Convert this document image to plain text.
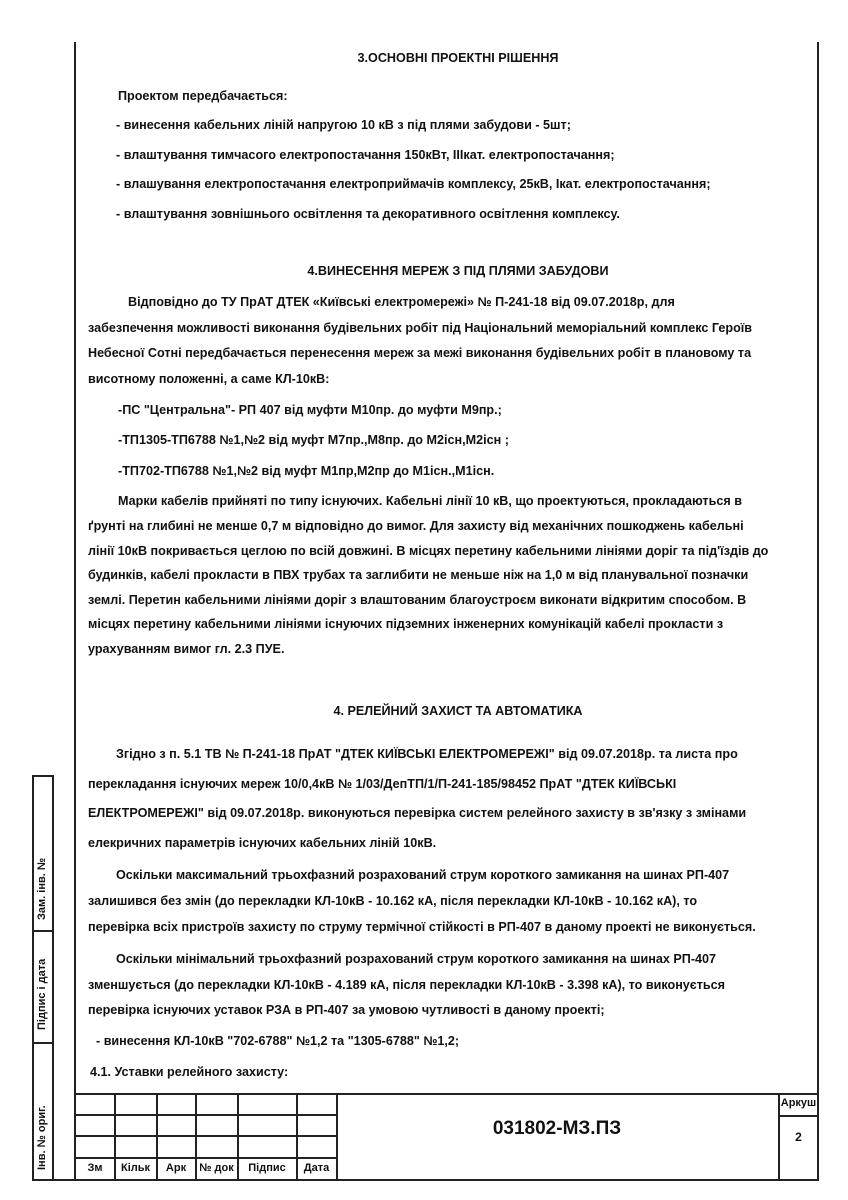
Зам. інв. №
Підпис і дата
Інв. № ориг.

3.ОСНОВНІ ПРОЕКТНІ РІШЕННЯ

Проектом передбачається:

- винесення кабельних ліній напругою 10 кВ з під плями забудови - 5шт;

- влаштування тимчасого електропостачання 150кВт, IIIкат. електропостачання;

- влашування електропостачання електроприймачів комплексу, 25кВ, Iкат. електропостачання;

- влаштування зовнішнього освітлення та декоративного освітлення комплексу.

4.ВИНЕСЕННЯ МЕРЕЖ З ПІД ПЛЯМИ ЗАБУДОВИ

Відповідно до ТУ ПрАТ ДТЕК «Київські електромережі» № П-241-18 від 09.07.2018р, для

забезпечення можливості виконання будівельних робіт під Національний меморіальний комплекс Героїв

Небесної Сотні передбачається перенесення мереж за межі виконання будівельних робіт в плановому та

висотному положенні, а саме КЛ-10кВ:

-ПС "Центральна"- РП 407 від муфти М10пр. до муфти М9пр.;

-ТП1305-ТП6788 №1,№2 від муфт М7пр.,М8пр. до М2існ,М2існ ;

-ТП702-ТП6788 №1,№2 від муфт М1пр,М2пр до М1існ.,М1існ.

Марки кабелів прийняті по типу існуючих. Кабельні лінії 10 кВ, що проектуються, прокладаються в

ґрунті на глибині не менше 0,7 м відповідно до вимог. Для захисту від механічних пошкоджень кабельні

лінії 10кВ покривається цеглою по всій довжині. В місцях перетину кабельними лініями доріг та під'їздів до

будинків, кабелі прокласти в ПВХ трубах та заглибити не меньше ніж на 1,0 м від планувальної позначки

землі. Перетин кабельними лініями доріг з влаштованим благоустроєм виконати відкритим способом. В

місцях перетину кабельними лініями існуючих підземних інженерних комунікацій кабелі прокласти з

урахуванням вимог гл. 2.3 ПУЕ.

4. РЕЛЕЙНИЙ ЗАХИСТ ТА АВТОМАТИКА

Згідно з п. 5.1 ТВ № П-241-18 ПрАТ "ДТЕК КИЇВСЬКІ ЕЛЕКТРОМЕРЕЖІ" від 09.07.2018р. та листа про

перекладання існуючих мереж 10/0,4кВ № 1/03/ДепТП/1/П-241-185/98452 ПрАТ "ДТЕК КИЇВСЬКІ

ЕЛЕКТРОМЕРЕЖІ" від 09.07.2018р. виконуються перевірка систем релейного захисту в зв'язку з змінами

елекричних параметрів існуючих кабельних ліній 10кВ.

Оскільки максимальний трьохфазний розрахований струм короткого замикання на шинах РП-407

залишився без змін (до перекладки КЛ-10кВ - 10.162 кА, після перекладки КЛ-10кВ - 10.162 кА), то

перевірка всіх пристроїв захисту по струму термічної стійкості в РП-407 в даному проекті не виконується.

Оскільки мінімальний трьохфазний розрахований струм короткого замикання на шинах РП-407

зменшується (до перекладки КЛ-10кВ - 4.189 кА, після перекладки КЛ-10кВ - 3.398 кА), то виконується

перевірка існуючих уставок РЗА в РП-407 за умовою чутливості в даному проекті;

- винесення КЛ-10кВ "702-6788" №1,2 та "1305-6788" №1,2;

4.1. Уставки релейного захисту:

Зм	Кільк	Арк	№ док	Підпис	Дата
031802-МЗ.ПЗ
Аркуш
2
